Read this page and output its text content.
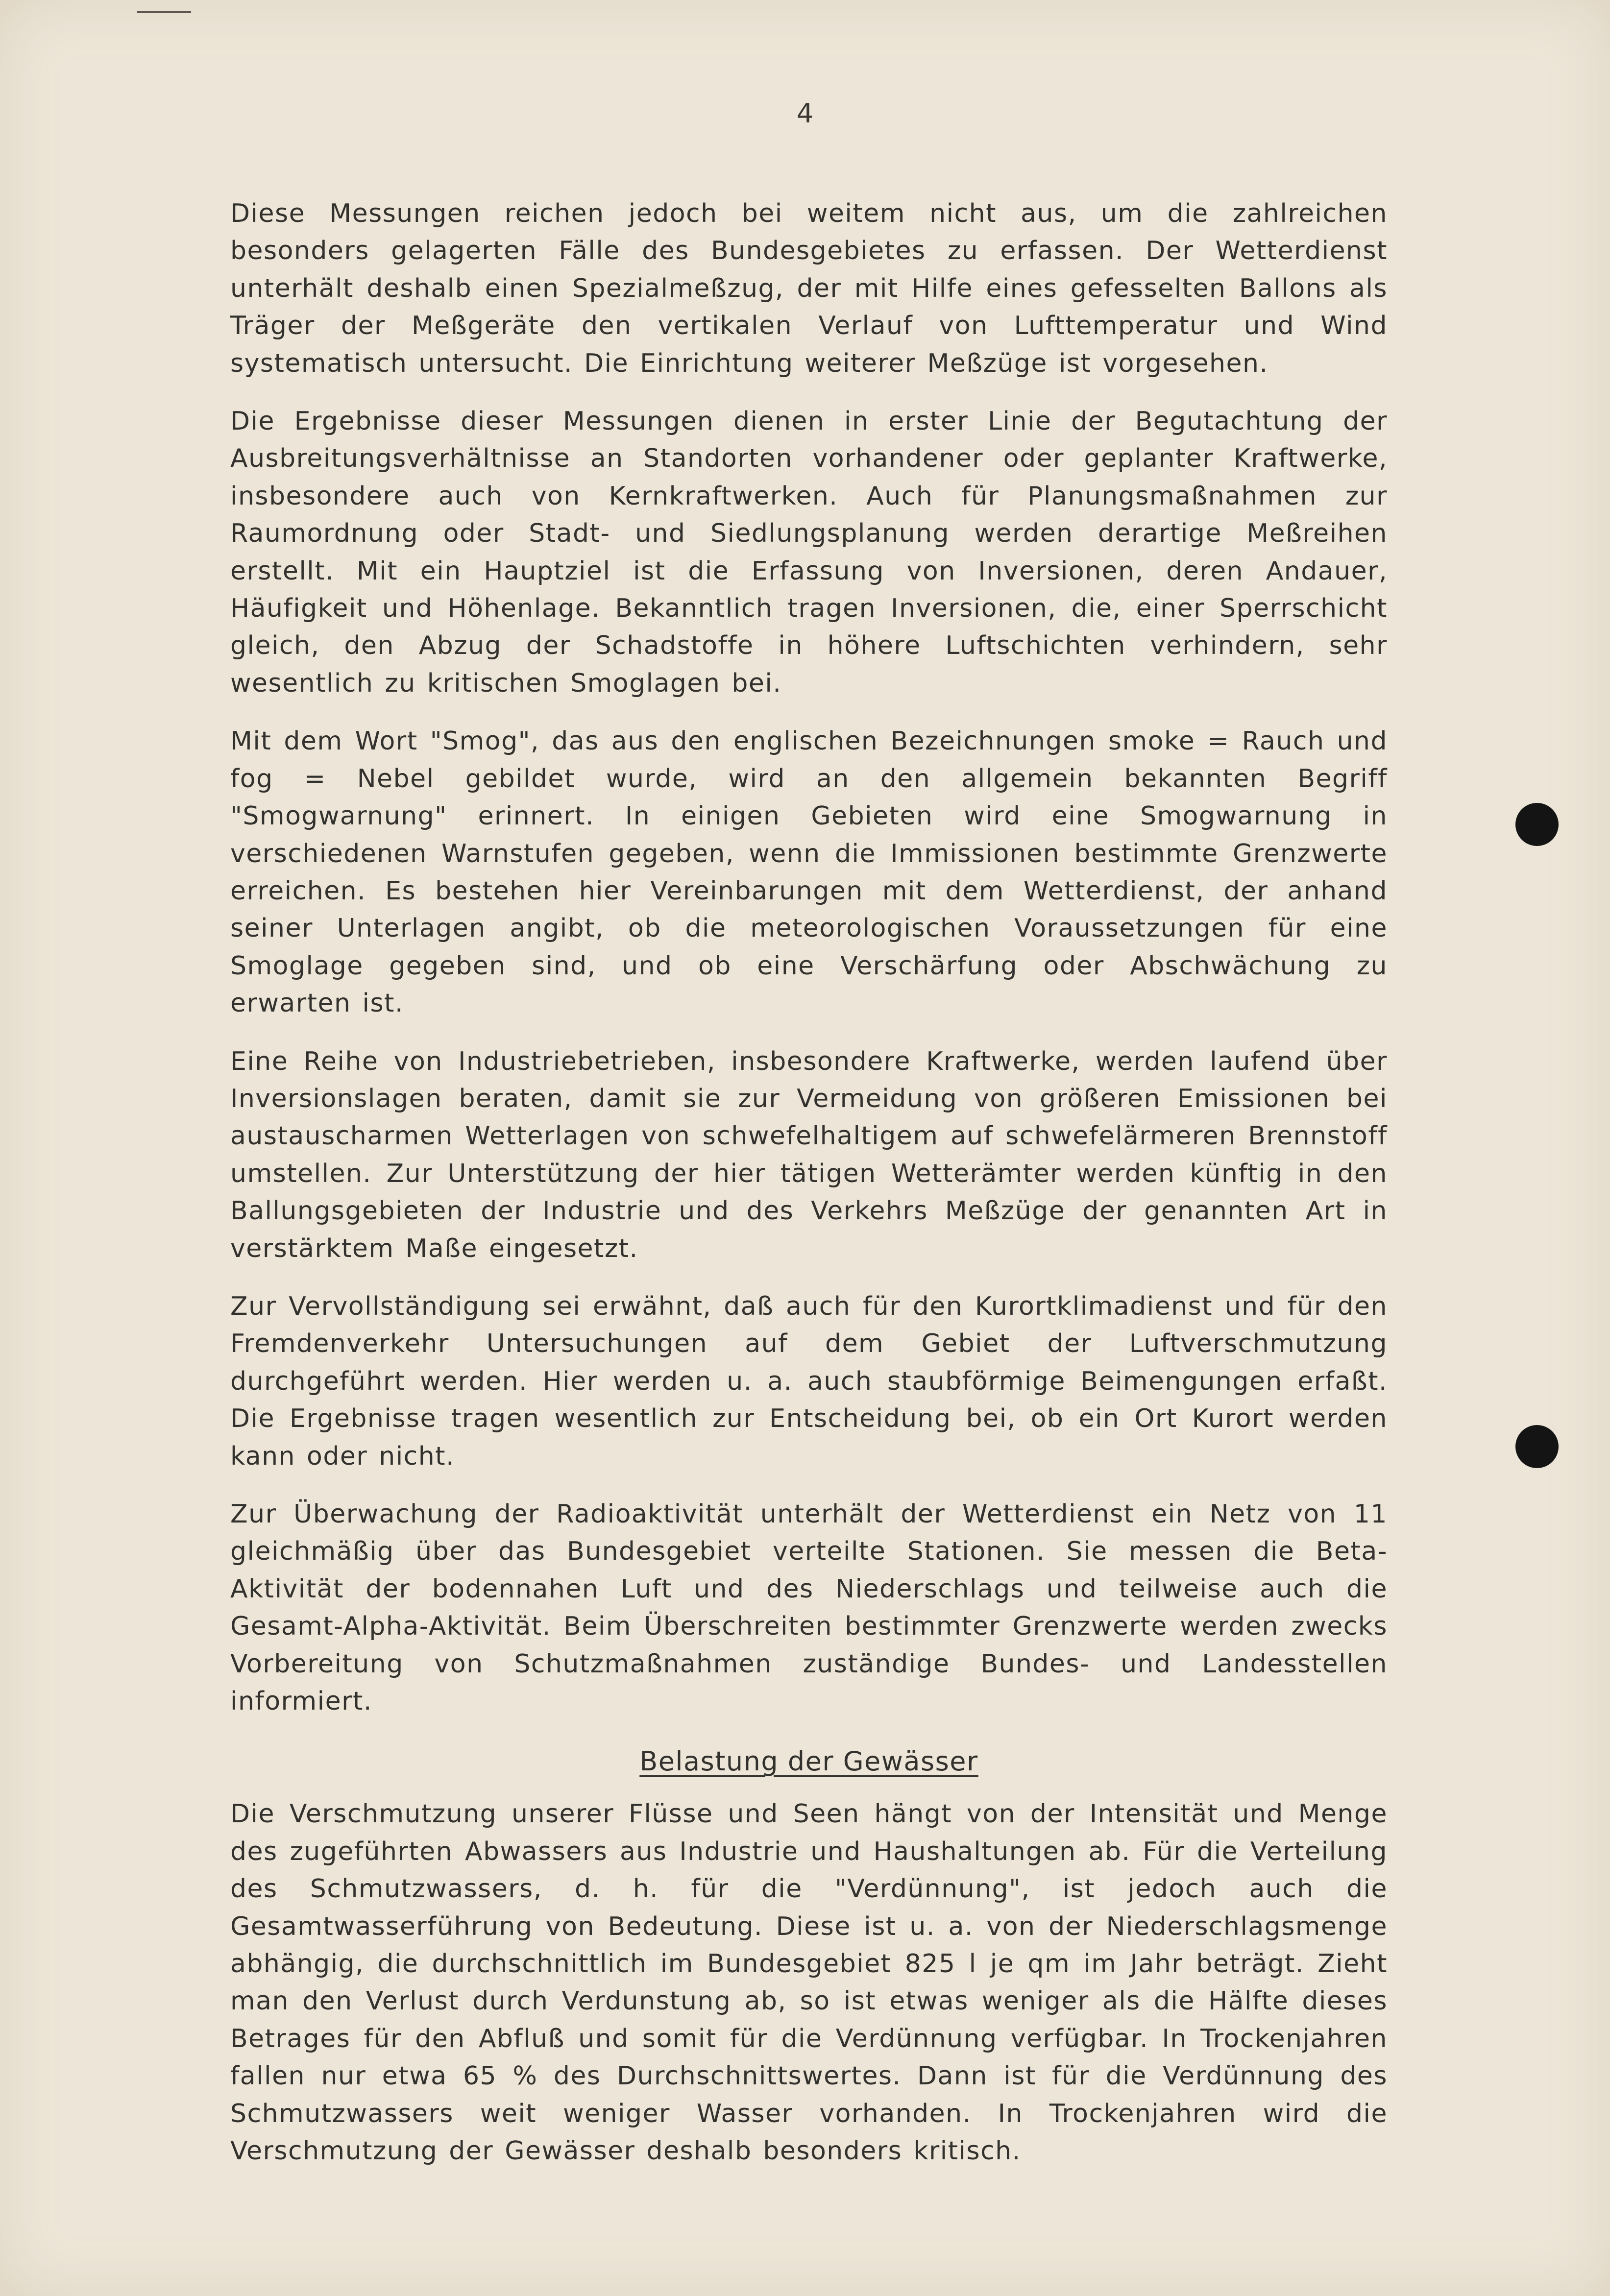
4

Diese Messungen reichen jedoch bei weitem nicht aus, um die zahlreichen besonders gelagerten Fälle des Bundesgebietes zu erfassen. Der Wetterdienst unterhält deshalb einen Spezialmeßzug, der mit Hilfe eines gefesselten Ballons als Träger der Meßgeräte den vertikalen Verlauf von Lufttemperatur und Wind systematisch untersucht. Die Einrichtung weiterer Meßzüge ist vorgesehen.

Die Ergebnisse dieser Messungen dienen in erster Linie der Begutachtung der Ausbreitungsverhältnisse an Standorten vorhandener oder geplanter Kraftwerke, insbesondere auch von Kernkraftwerken. Auch für Planungsmaßnahmen zur Raumordnung oder Stadt- und Siedlungsplanung werden derartige Meßreihen erstellt. Mit ein Hauptziel ist die Erfassung von Inversionen, deren Andauer, Häufigkeit und Höhenlage. Bekanntlich tragen Inversionen, die, einer Sperrschicht gleich, den Abzug der Schadstoffe in höhere Luftschichten verhindern, sehr wesentlich zu kritischen Smoglagen bei.

Mit dem Wort "Smog", das aus den englischen Bezeichnungen smoke = Rauch und fog = Nebel gebildet wurde, wird an den allgemein bekannten Begriff "Smogwarnung" erinnert. In einigen Gebieten wird eine Smogwarnung in verschiedenen Warnstufen gegeben, wenn die Immissionen bestimmte Grenzwerte erreichen. Es bestehen hier Vereinbarungen mit dem Wetterdienst, der anhand seiner Unterlagen angibt, ob die meteorologischen Voraussetzungen für eine Smoglage gegeben sind, und ob eine Verschärfung oder Abschwächung zu erwarten ist.

Eine Reihe von Industriebetrieben, insbesondere Kraftwerke, werden laufend über Inversionslagen beraten, damit sie zur Vermeidung von größeren Emissionen bei austauscharmen Wetterlagen von schwefelhaltigem auf schwefelärmeren Brennstoff umstellen. Zur Unterstützung der hier tätigen Wetterämter werden künftig in den Ballungsgebieten der Industrie und des Verkehrs Meßzüge der genannten Art in verstärktem Maße eingesetzt.

Zur Vervollständigung sei erwähnt, daß auch für den Kurortklimadienst und für den Fremdenverkehr Untersuchungen auf dem Gebiet der Luftverschmutzung durchgeführt werden. Hier werden u. a. auch staubförmige Beimengungen erfaßt. Die Ergebnisse tragen wesentlich zur Entscheidung bei, ob ein Ort Kurort werden kann oder nicht.

Zur Überwachung der Radioaktivität unterhält der Wetterdienst ein Netz von 11 gleichmäßig über das Bundesgebiet verteilte Stationen. Sie messen die Beta-Aktivität der bodennahen Luft und des Niederschlags und teilweise auch die Gesamt-Alpha-Aktivität. Beim Überschreiten bestimmter Grenzwerte werden zwecks Vorbereitung von Schutzmaßnahmen zuständige Bundes- und Landesstellen informiert.

Belastung der Gewässer

Die Verschmutzung unserer Flüsse und Seen hängt von der Intensität und Menge des zugeführten Abwassers aus Industrie und Haushaltungen ab. Für die Verteilung des Schmutzwassers, d. h. für die "Verdünnung", ist jedoch auch die Gesamtwasserführung von Bedeutung. Diese ist u. a. von der Niederschlagsmenge abhängig, die durchschnittlich im Bundesgebiet 825 l je qm im Jahr beträgt. Zieht man den Verlust durch Verdunstung ab, so ist etwas weniger als die Hälfte dieses Betrages für den Abfluß und somit für die Verdünnung verfügbar. In Trockenjahren fallen nur etwa 65 % des Durchschnittswertes. Dann ist für die Verdünnung des Schmutzwassers weit weniger Wasser vorhanden. In Trockenjahren wird die Verschmutzung der Gewässer deshalb besonders kritisch.
